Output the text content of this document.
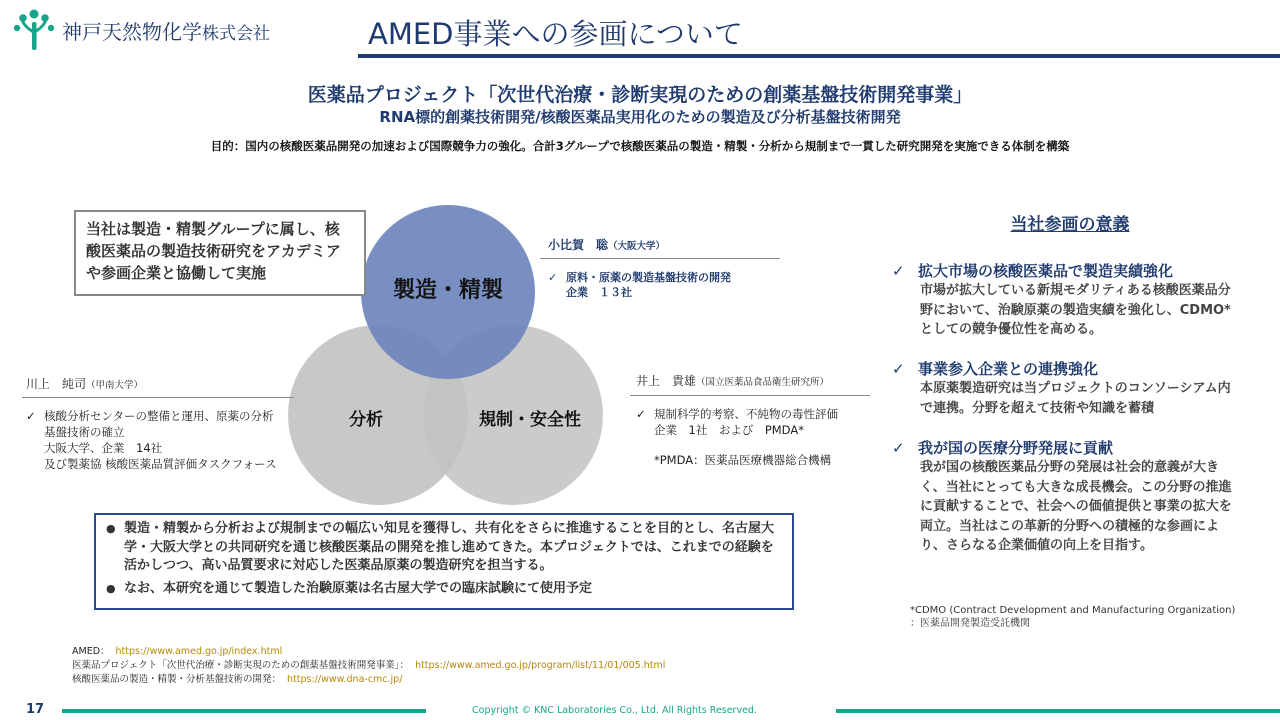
神戸天然物化学株式会社	AMED事業への参画について
医薬品プロジェクト「次世代治療・診断実現のための創薬基盤技術開発事業」
RNA標的創薬技術開発/核酸医薬品実用化のための製造及び分析基盤技術開発
目的：国内の核酸医薬品開発の加速および国際競争力の強化。合計3グループで核酸医薬品の製造・精製・分析から規制まで一貫した研究開発を実施できる体制を構築
製造・精製
分析	規制・安全性
当社は製造・精製グループに属し、核酸医薬品の製造技術研究をアカデミアや参画企業と協働して実施
小比賀　聡（大阪大学）
✓ 原料・原薬の製造基盤技術の開発
企業　１３社
川上　純司（甲南大学）
✓ 核酸分析センターの整備と運用、原薬の分析
基盤技術の確立
大阪大学、企業　14社
及び製薬協 核酸医薬品質評価タスクフォース
井上　貴雄（国立医薬品食品衛生研究所）
✓ 規制科学的考察、不純物の毒性評価
企業　1社　および　PMDA*
*PMDA：医薬品医療機器総合機構
● 製造・精製から分析および規制までの幅広い知見を獲得し、共有化をさらに推進することを目的とし、名古屋大学・大阪大学との共同研究を通じ核酸医薬品の開発を推し進めてきた。本プロジェクトでは、これまでの経験を活かしつつ、高い品質要求に対応した医薬品原薬の製造研究を担当する。
● なお、本研究を通じて製造した治験原薬は名古屋大学での臨床試験にて使用予定
当社参画の意義
✓ 拡大市場の核酸医薬品で製造実績強化
市場が拡大している新規モダリティある核酸医薬品分野において、治験原薬の製造実績を強化し、CDMO*としての競争優位性を高める。
✓ 事業参入企業との連携強化
本原薬製造研究は当プロジェクトのコンソーシアム内で連携。分野を超えて技術や知識を蓄積
✓ 我が国の医療分野発展に貢献
我が国の核酸医薬品分野の発展は社会的意義が大きく、当社にとっても大きな成長機会。この分野の推進に貢献することで、社会への価値提供と事業の拡大を両立。当社はこの革新的分野への積極的な参画により、さらなる企業価値の向上を目指す。
*CDMO (Contract Development and Manufacturing Organization)
：医薬品開発製造受託機関
AMED： https://www.amed.go.jp/index.html
医薬品プロジェクト「次世代治療・診断実現のための創薬基盤技術開発事業」： https://www.amed.go.jp/program/list/11/01/005.html
核酸医薬品の製造・精製・分析基盤技術の開発： https://www.dna-cmc.jp/
17	Copyright © KNC Laboratories Co., Ltd. All Rights Reserved.
